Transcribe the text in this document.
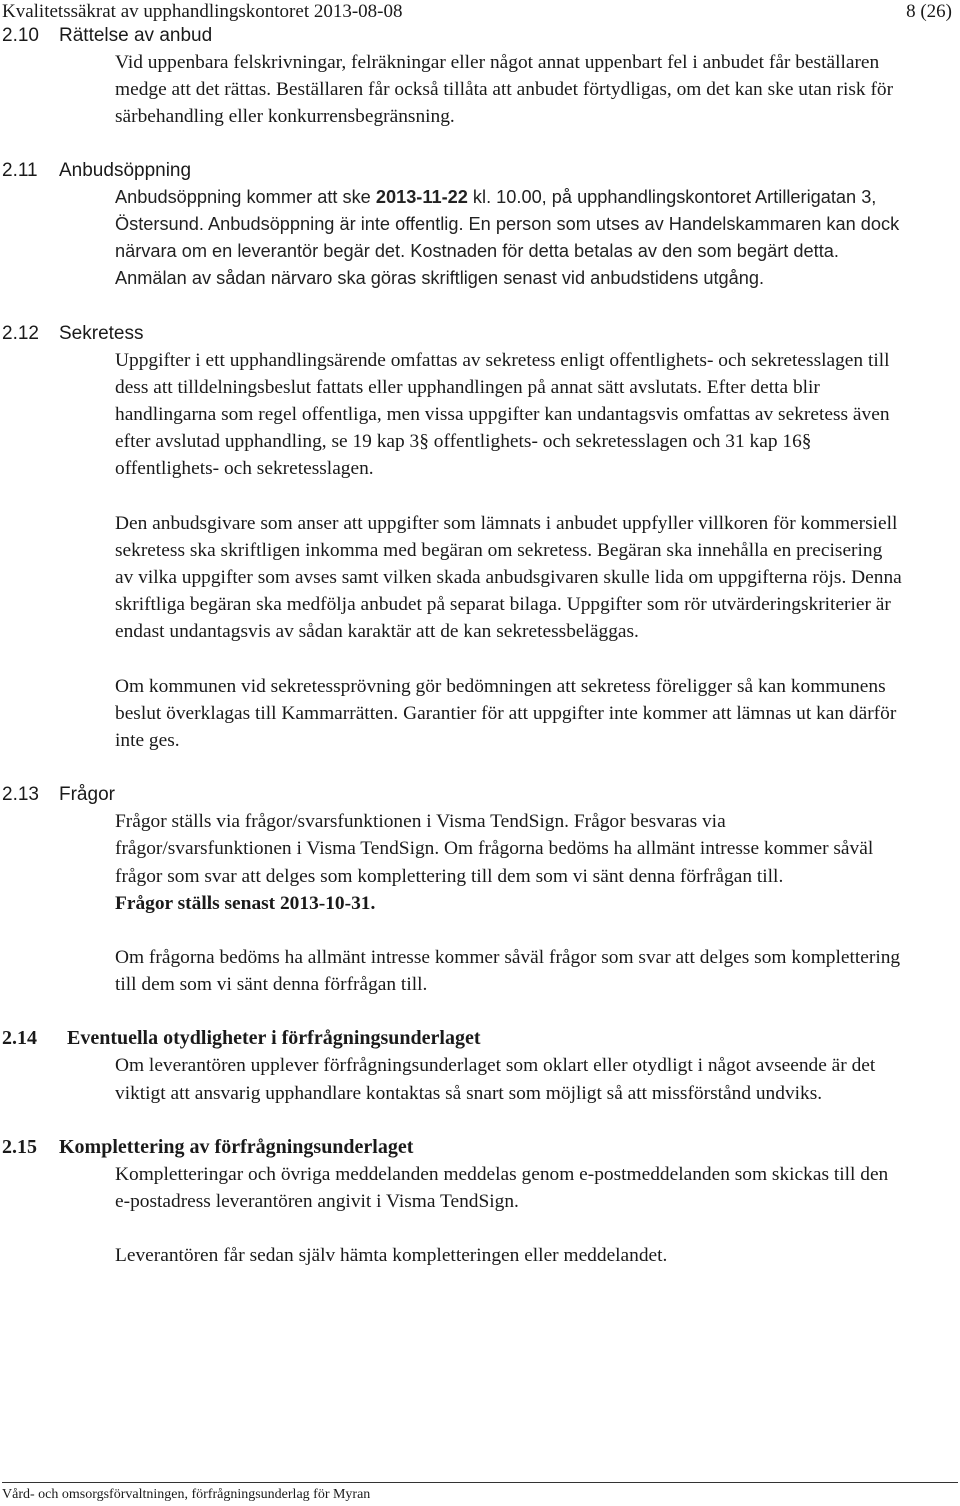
Kvalitetssäkrat av upphandlingskontoret 2013-08-08	8 (26)
2.10 Rättelse av anbud
Vid uppenbara felskrivningar, felräkningar eller något annat uppenbart fel i anbudet får beställaren medge att det rättas. Beställaren får också tillåta att anbudet förtydligas, om det kan ske utan risk för särbehandling eller konkurrensbegränsning.
2.11 Anbudsöppning
Anbudsöppning kommer att ske 2013-11-22 kl. 10.00, på upphandlingskontoret Artillerigatan 3, Östersund. Anbudsöppning är inte offentlig. En person som utses av Handelskammaren kan dock närvara om en leverantör begär det. Kostnaden för detta betalas av den som begärt detta. Anmälan av sådan närvaro ska göras skriftligen senast vid anbudstidens utgång.
2.12 Sekretess
Uppgifter i ett upphandlingsärende omfattas av sekretess enligt offentlighets- och sekretesslagen till dess att tilldelningsbeslut fattats eller upphandlingen på annat sätt avslutats. Efter detta blir handlingarna som regel offentliga, men vissa uppgifter kan undantagsvis omfattas av sekretess även efter avslutad upphandling, se 19 kap 3§ offentlighets- och sekretesslagen och 31 kap 16§ offentlighets- och sekretesslagen.
Den anbudsgivare som anser att uppgifter som lämnats i anbudet uppfyller villkoren för kommersiell sekretess ska skriftligen inkomma med begäran om sekretess. Begäran ska innehålla en precisering av vilka uppgifter som avses samt vilken skada anbudsgivaren skulle lida om uppgifterna röjs. Denna skriftliga begäran ska medfölja anbudet på separat bilaga. Uppgifter som rör utvärderingskriterier är endast undantagsvis av sådan karaktär att de kan sekretessbeläggas.
Om kommunen vid sekretessprövning gör bedömningen att sekretess föreligger så kan kommunens beslut överklagas till Kammarrätten. Garantier för att uppgifter inte kommer att lämnas ut kan därför inte ges.
2.13 Frågor
Frågor ställs via frågor/svarsfunktionen i Visma TendSign. Frågor besvaras via frågor/svarsfunktionen i Visma TendSign. Om frågorna bedöms ha allmänt intresse kommer såväl frågor som svar att delges som komplettering till dem som vi sänt denna förfrågan till.
Frågor ställs senast 2013-10-31.
Om frågorna bedöms ha allmänt intresse kommer såväl frågor som svar att delges som komplettering till dem som vi sänt denna förfrågan till.
2.14 Eventuella otydligheter i förfrågningsunderlaget
Om leverantören upplever förfrågningsunderlaget som oklart eller otydligt i något avseende är det viktigt att ansvarig upphandlare kontaktas så snart som möjligt så att missförstånd undviks.
2.15 Komplettering av förfrågningsunderlaget
Kompletteringar och övriga meddelanden meddelas genom e-postmeddelanden som skickas till den e-postadress leverantören angivit i Visma TendSign.
Leverantören får sedan själv hämta kompletteringen eller meddelandet.
Vård- och omsorgsförvaltningen, förfrågningsunderlag för Myran
